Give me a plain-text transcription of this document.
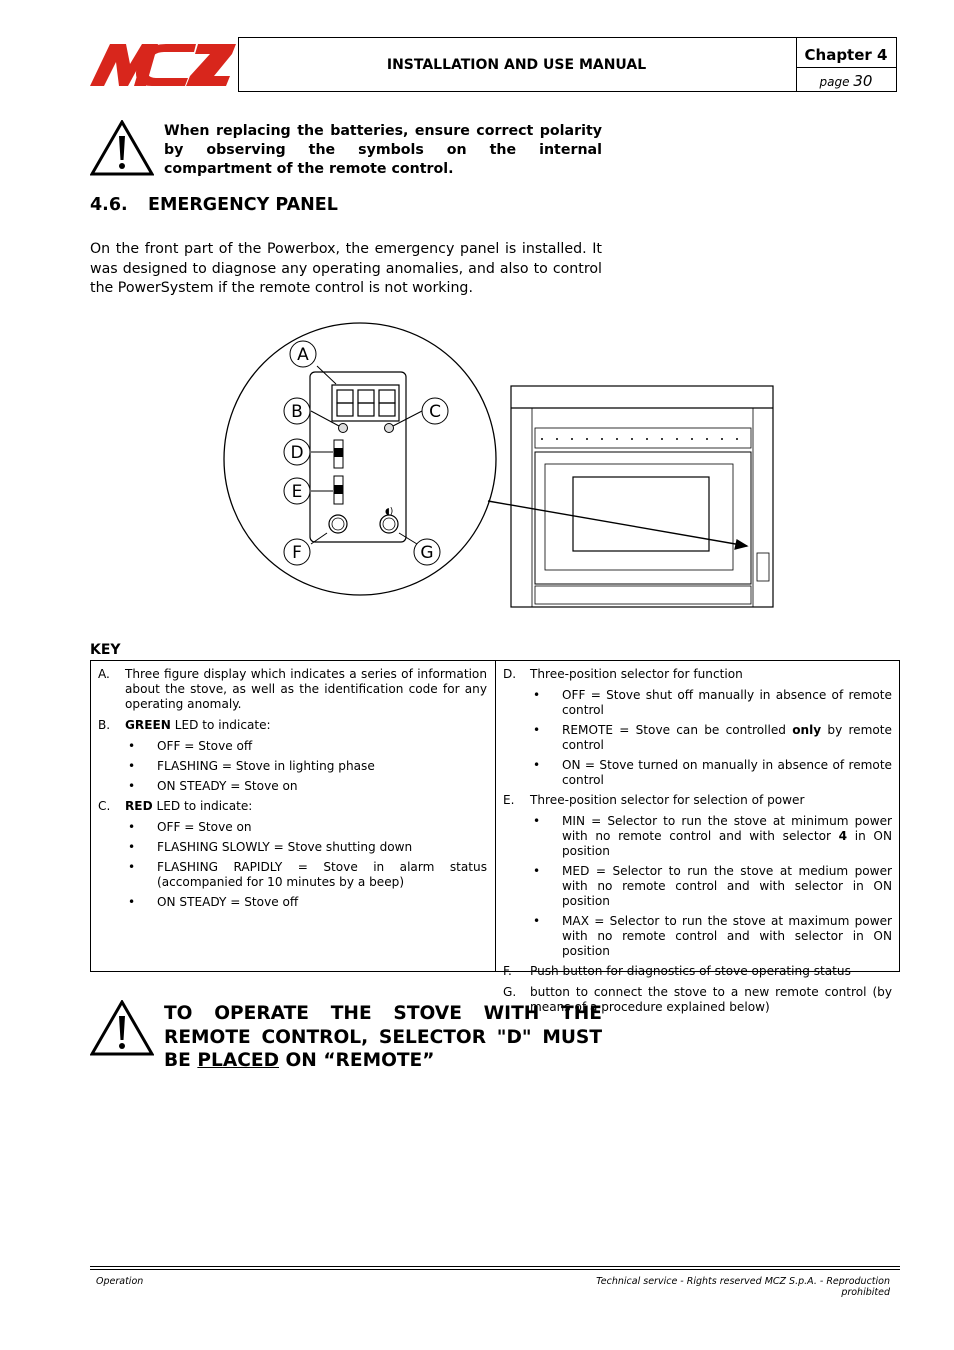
INSTALLATION AND USE MANUAL
Chapter 4
page 30
When replacing the batteries, ensure correct polarity by observing the symbols on the internal compartment of the remote control.
4.6. EMERGENCY PANEL
On the front part of the Powerbox, the emergency panel is installed. It was designed to diagnose any operating anomalies, and also to control the PowerSystem if the remote control is not working.
◖)
A
B	C
D
E
F	G
KEY
A. Three figure display which indicates a series of information about the stove, as well as the identification code for any operating anomaly.
B. GREEN LED to indicate:
• OFF = Stove off
• FLASHING = Stove in lighting phase
• ON STEADY = Stove on
C. RED LED to indicate:
• OFF = Stove on
• FLASHING SLOWLY = Stove shutting down
• FLASHING RAPIDLY = Stove in alarm status (accompanied for 10 minutes by a beep)
• ON STEADY = Stove off
D. Three-position selector for function
• OFF = Stove shut off manually in absence of remote control
• REMOTE = Stove can be controlled only by remote control
• ON = Stove turned on manually in absence of remote control
E. Three-position selector for selection of power
• MIN = Selector to run the stove at minimum power with no remote control and with selector 4 in ON position
• MED = Selector to run the stove at medium power with no remote control and with selector in ON position
• MAX = Selector to run the stove at maximum power with no remote control and with selector in ON position
F. Push button for diagnostics of stove operating status
G. button to connect the stove to a new remote control (by means of a procedure explained below)
TO OPERATE THE STOVE WITH THE REMOTE CONTROL, SELECTOR "D" MUST BE PLACED ON “REMOTE”
Operation	Technical service - Rights reserved MCZ S.p.A. - Reproduction prohibited
